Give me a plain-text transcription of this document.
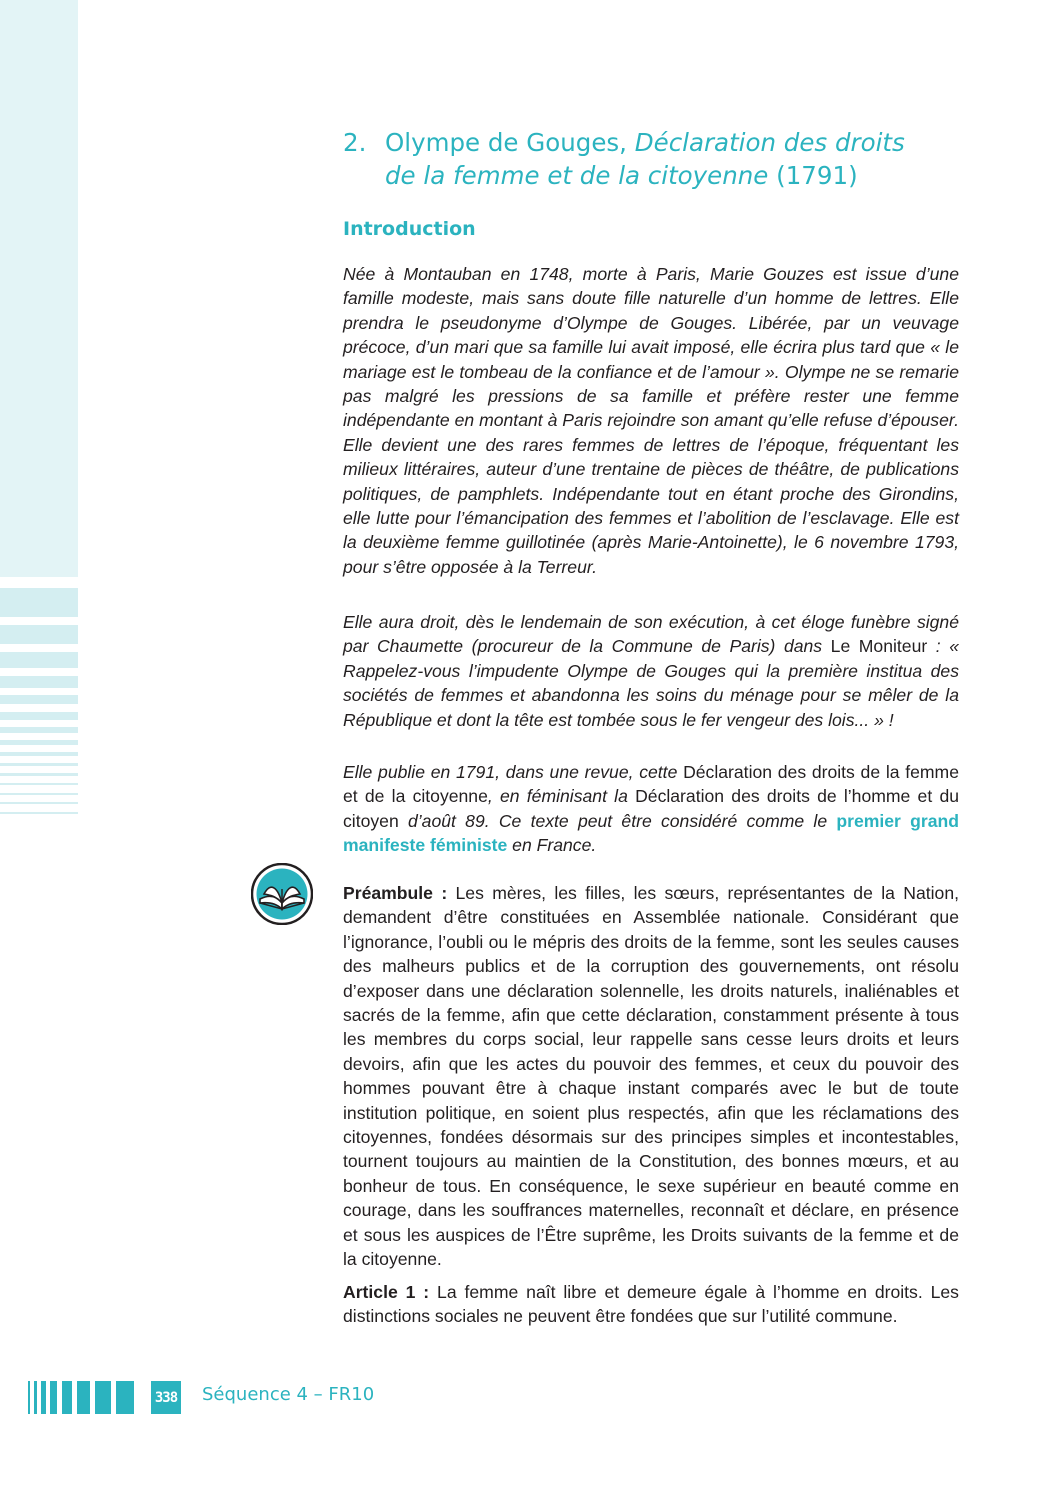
2. Olympe de Gouges, Déclaration des droits
de la femme et de la citoyenne (1791)
Introduction

Née à Montauban en 1748, morte à Paris, Marie Gouzes est issue d’une famille modeste, mais sans doute fille naturelle d’un homme de lettres. Elle prendra le pseudonyme d’Olympe de Gouges. Libérée, par un veuvage précoce, d’un mari que sa famille lui avait imposé, elle écrira plus tard que « le mariage est le tombeau de la confiance et de l’amour ». Olympe ne se remarie pas malgré les pressions de sa famille et préfère rester une femme indépendante en montant à Paris rejoindre son amant qu’elle refuse d’épouser. Elle devient une des rares femmes de lettres de l’époque, fréquentant les milieux littéraires, auteur d’une trentaine de pièces de théâtre, de publications politiques, de pamphlets. Indépendante tout en étant proche des Girondins, elle lutte pour l’émancipation des femmes et l’abolition de l’esclavage. Elle est la deuxième femme guillotinée (après Marie-Antoinette), le 6 novembre 1793, pour s’être opposée à la Terreur.

Elle aura droit, dès le lendemain de son exécution, à cet éloge funèbre signé par Chaumette (procureur de la Commune de Paris) dans Le Moniteur : « Rappelez-vous l’impudente Olympe de Gouges qui la première institua des sociétés de femmes et abandonna les soins du ménage pour se mêler de la République et dont la tête est tombée sous le fer vengeur des lois... » !

Elle publie en 1791, dans une revue, cette Déclaration des droits de la femme et de la citoyenne, en féminisant la Déclaration des droits de l’homme et du citoyen d’août 89. Ce texte peut être considéré comme le premier grand manifeste féministe en France.

Préambule : Les mères, les filles, les sœurs, représentantes de la Nation, demandent d’être constituées en Assemblée nationale. Considérant que l’ignorance, l’oubli ou le mépris des droits de la femme, sont les seules causes des malheurs publics et de la corruption des gouvernements, ont résolu d’exposer dans une déclaration solennelle, les droits naturels, inaliénables et sacrés de la femme, afin que cette déclaration, constamment présente à tous les membres du corps social, leur rappelle sans cesse leurs droits et leurs devoirs, afin que les actes du pouvoir des femmes, et ceux du pouvoir des hommes pouvant être à chaque instant comparés avec le but de toute institution politique, en soient plus respectés, afin que les réclamations des citoyennes, fondées désormais sur des principes simples et incontestables, tournent toujours au maintien de la Constitution, des bonnes mœurs, et au bonheur de tous. En conséquence, le sexe supérieur en beauté comme en courage, dans les souffrances maternelles, reconnaît et déclare, en présence et sous les auspices de l’Être suprême, les Droits suivants de la femme et de la citoyenne.

Article 1 : La femme naît libre et demeure égale à l’homme en droits. Les distinctions sociales ne peuvent être fondées que sur l’utilité commune.

338 Séquence 4 – FR10
